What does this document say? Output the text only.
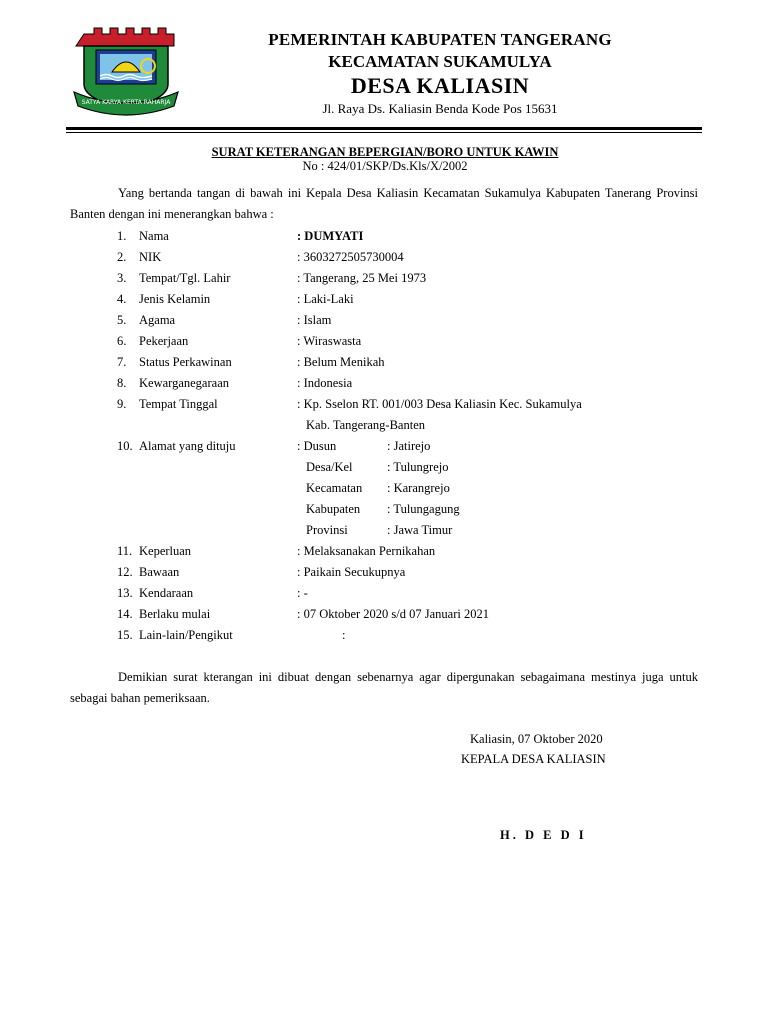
SATYA KARYA KERTA RAHARJA
PEMERINTAH KABUPATEN TANGERANG
KECAMATAN SUKAMULYA
DESA KALIASIN
Jl. Raya Ds. Kaliasin Benda Kode Pos 15631
SURAT KETERANGAN BEPERGIAN/BORO UNTUK KAWIN
No : 424/01/SKP/Ds.Kls/X/2002
Yang bertanda tangan di bawah ini Kepala Desa Kaliasin Kecamatan Sukamulya Kabupaten Tanerang Provinsi Banten dengan ini menerangkan bahwa :
1. Nama	: DUMYATI
2. NIK	: 3603272505730004
3. Tempat/Tgl. Lahir	: Tangerang, 25 Mei 1973
4. Jenis Kelamin	: Laki-Laki
5. Agama	: Islam
6. Pekerjaan	: Wiraswasta
7. Status Perkawinan	: Belum Menikah
8. Kewarganegaraan	: Indonesia
9. Tempat Tinggal	: Kp. Sselon RT. 001/003 Desa Kaliasin Kec. Sukamulya
Kab. Tangerang-Banten
10. Alamat yang dituju	: Dusun	: Jatirejo
Desa/Kel	: Tulungrejo
Kecamatan : Karangrejo
Kabupaten : Tulungagung
Provinsi	: Jawa Timur
11. Keperluan	: Melaksanakan Pernikahan
12. Bawaan	: Paikain Secukupnya
13. Kendaraan	: -
14. Berlaku mulai	: 07 Oktober 2020 s/d 07 Januari 2021
15. Lain-lain/Pengikut	:
Demikian surat kterangan ini dibuat dengan sebenarnya agar dipergunakan sebagaimana mestinya juga untuk sebagai bahan pemeriksaan.
Kaliasin, 07 Oktober 2020
KEPALA DESA KALIASIN
H. D E D I
